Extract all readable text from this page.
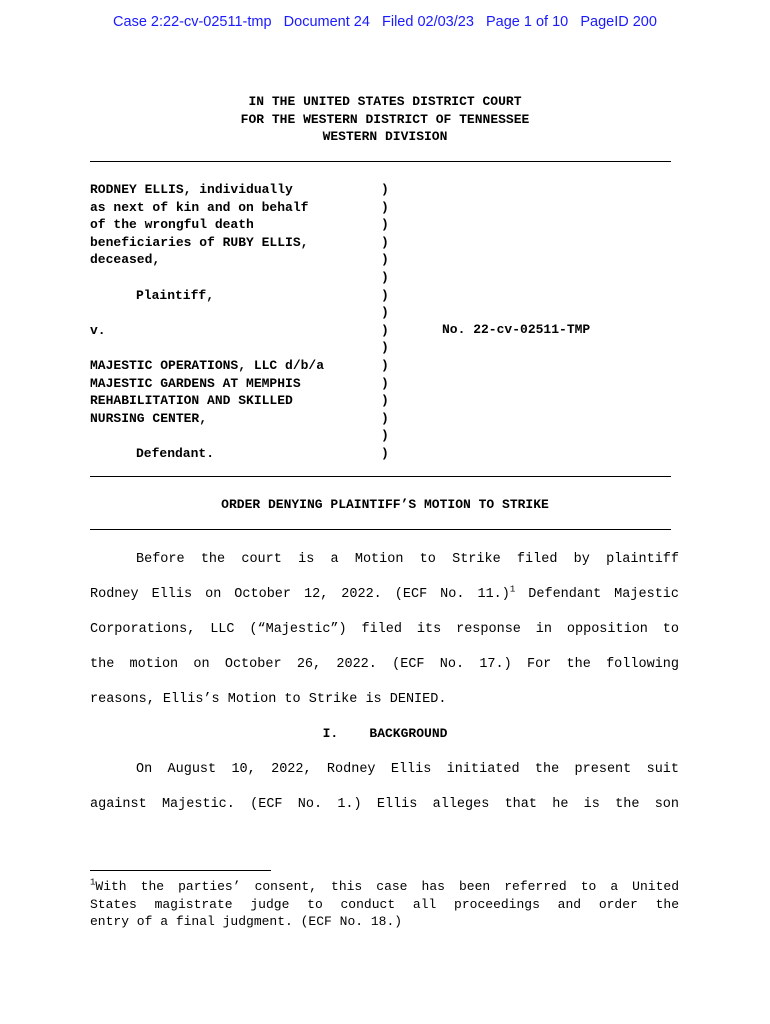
Case 2:22-cv-02511-tmp Document 24 Filed 02/03/23 Page 1 of 10 PageID 200
IN THE UNITED STATES DISTRICT COURT
FOR THE WESTERN DISTRICT OF TENNESSEE
WESTERN DIVISION
RODNEY ELLIS, individually
as next of kin and on behalf
of the wrongful death
beneficiaries of RUBY ELLIS,
deceased,
Plaintiff,
v.
MAJESTIC OPERATIONS, LLC d/b/a
MAJESTIC GARDENS AT MEMPHIS
REHABILITATION AND SKILLED
NURSING CENTER,
Defendant.
)
)
)
)
)
)
)
)
)
)
)
)
)
)
)
)
No. 22-cv-02511-TMP
ORDER DENYING PLAINTIFF’S MOTION TO STRIKE
Before the court is a Motion to Strike filed by plaintiff
Rodney Ellis on October 12, 2022. (ECF No. 11.)$^1$ Defendant Majestic
Corporations, LLC (“Majestic”) filed its response in opposition to
the motion on October 26, 2022. (ECF No. 17.) For the following
reasons, Ellis’s Motion to Strike is DENIED.
I. BACKGROUND
On August 10, 2022, Rodney Ellis initiated the present suit
against Majestic. (ECF No. 1.) Ellis alleges that he is the son
$^1$With the parties’ consent, this case has been referred to a United
States magistrate judge to conduct all proceedings and order the
entry of a final judgment. (ECF No. 18.)
